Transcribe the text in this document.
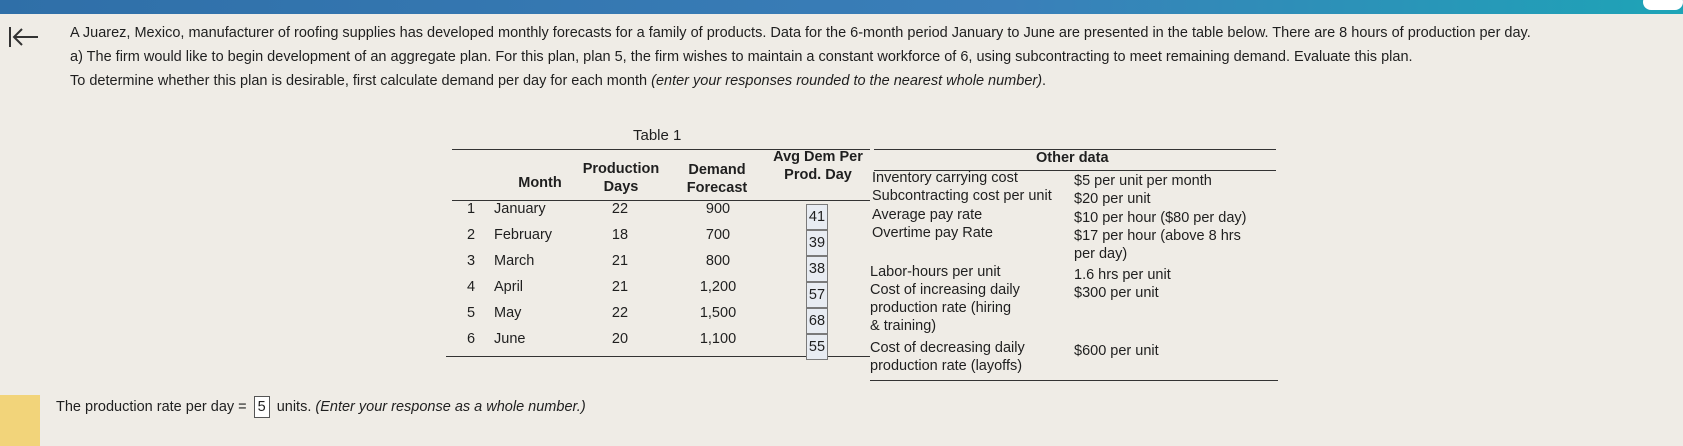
A Juarez, Mexico, manufacturer of roofing supplies has developed monthly forecasts for a family of products. Data for the 6-month period January to June are presented in the table below. There are 8 hours of production per day.
a) The firm would like to begin development of an aggregate plan. For this plan, plan 5, the firm wishes to maintain a constant workforce of 6, using subcontracting to meet remaining demand. Evaluate this plan.
To determine whether this plan is desirable, first calculate demand per day for each month (enter your responses rounded to the nearest whole number).
Table 1
Month
Production
Days
Demand
Forecast
Avg Dem Per
Prod. Day
1 January	22	900	41
2 February	18	700	39
3 March	21	800	38
4 April	21	1,200	57
5 May	22	1,500	68
6 June	20	1,100	55
Other data
Inventory carrying cost	$5 per unit per month
Subcontracting cost per unit $20 per unit
Average pay rate	$10 per hour ($80 per day)
Overtime pay Rate	$17 per hour (above 8 hrs
per day)
Labor-hours per unit	1.6 hrs per unit
Cost of increasing daily
production rate (hiring
& training)
$300 per unit
Cost of decreasing daily
production rate (layoffs)
$600 per unit
The production rate per day = 5 units. (Enter your response as a whole number.)
